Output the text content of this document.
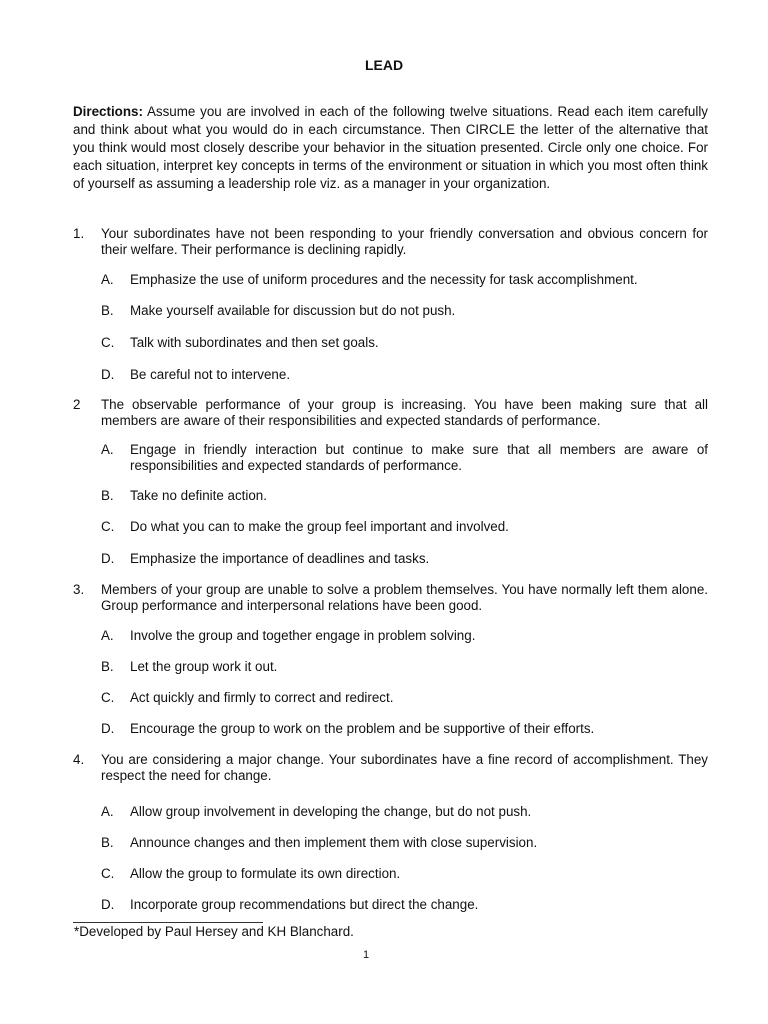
LEAD

Directions: Assume you are involved in each of the following twelve situations. Read each item carefully and think about what you would do in each circumstance. Then CIRCLE the letter of the alternative that you think would most closely describe your behavior in the situation presented. Circle only one choice. For each situation, interpret key concepts in terms of the environment or situation in which you most often think of yourself as assuming a leadership role viz. as a manager in your organization.

1. Your subordinates have not been responding to your friendly conversation and obvious concern for their welfare. Their performance is declining rapidly.
A. Emphasize the use of uniform procedures and the necessity for task accomplishment.
B. Make yourself available for discussion but do not push.
C. Talk with subordinates and then set goals.
D. Be careful not to intervene.
2 The observable performance of your group is increasing. You have been making sure that all members are aware of their responsibilities and expected standards of performance.
A. Engage in friendly interaction but continue to make sure that all members are aware of responsibilities and expected standards of performance.
B. Take no definite action.
C. Do what you can to make the group feel important and involved.
D. Emphasize the importance of deadlines and tasks.
3. Members of your group are unable to solve a problem themselves. You have normally left them alone. Group performance and interpersonal relations have been good.
A. Involve the group and together engage in problem solving.
B. Let the group work it out.
C. Act quickly and firmly to correct and redirect.
D. Encourage the group to work on the problem and be supportive of their efforts.
4. You are considering a major change. Your subordinates have a fine record of accomplishment. They respect the need for change.
A. Allow group involvement in developing the change, but do not push.
B. Announce changes and then implement them with close supervision.
C. Allow the group to formulate its own direction.
D. Incorporate group recommendations but direct the change.
*Developed by Paul Hersey and KH Blanchard.
1
